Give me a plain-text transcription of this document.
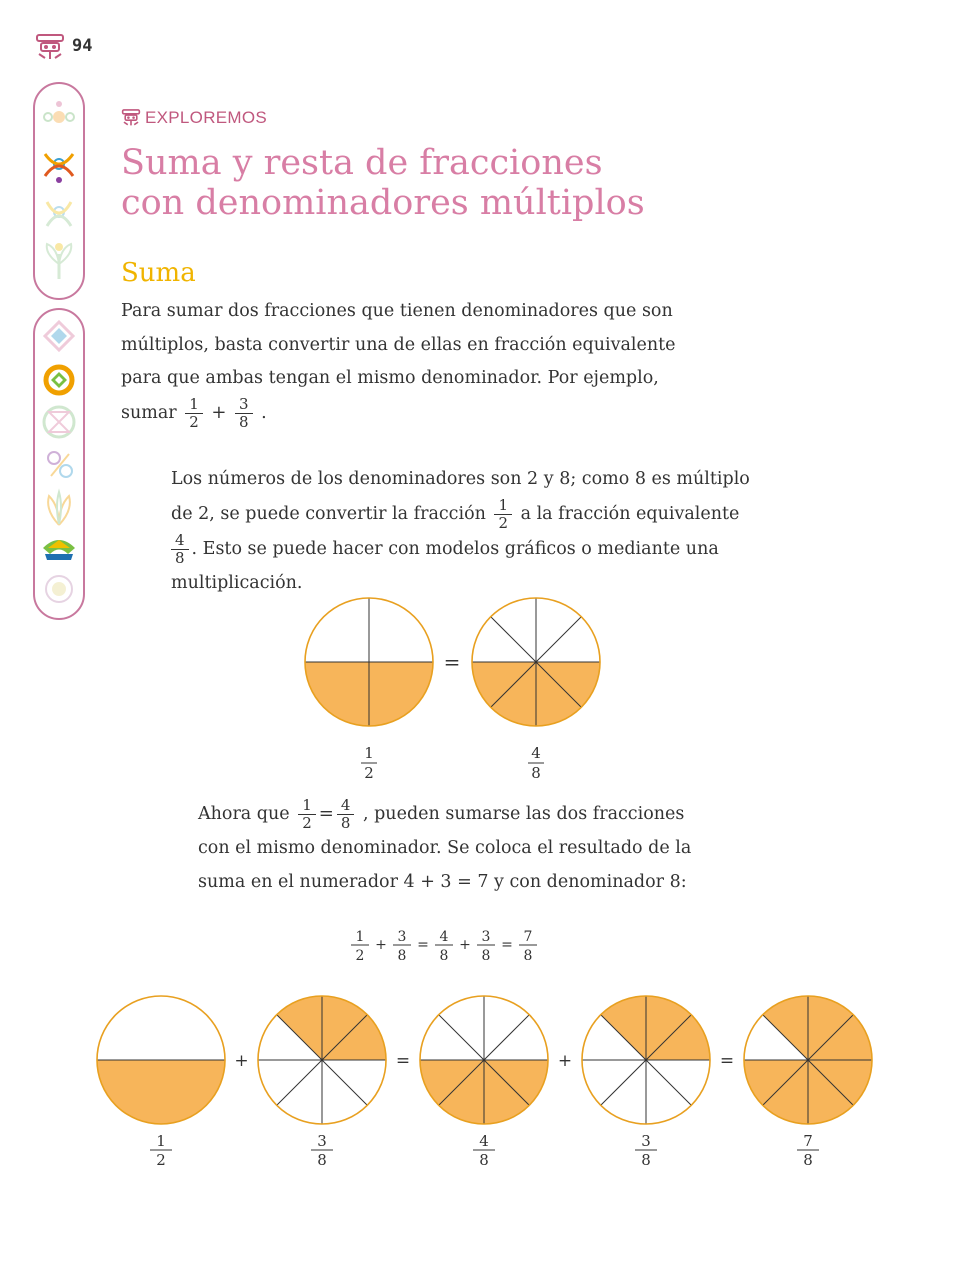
94
EXPLOREMOS
Suma y resta de fracciones
con denominadores múltiplos
Suma
Para sumar dos fracciones que tienen denominadores que son
múltiplos, basta convertir una de ellas en fracción equivalente
para que ambas tengan el mismo denominador. Por ejemplo,
sumar $\frac{1}{2} + \frac{3}{8}$ .
Los números de los denominadores son 2 y 8; como 8 es múltiplo
de 2, se puede convertir la fracción $\frac{1}{2}$ a la fracción equivalente
$\frac{4}{8}$ . Esto se puede hacer con modelos gráficos o mediante una
multiplicación.
=
1
2
4
8
Ahora que $\frac{1}{2} = \frac{4}{8}$ , pueden sumarse las dos fracciones
con el mismo denominador. Se coloca el resultado de la
suma en el numerador 4 + 3 = 7 y con denominador 8:
1
2
+ 3
8
= 4
8
+ 3
8
= 7
8
1
2
+
3
8
=
4
8
+
3
8
=
7
8
